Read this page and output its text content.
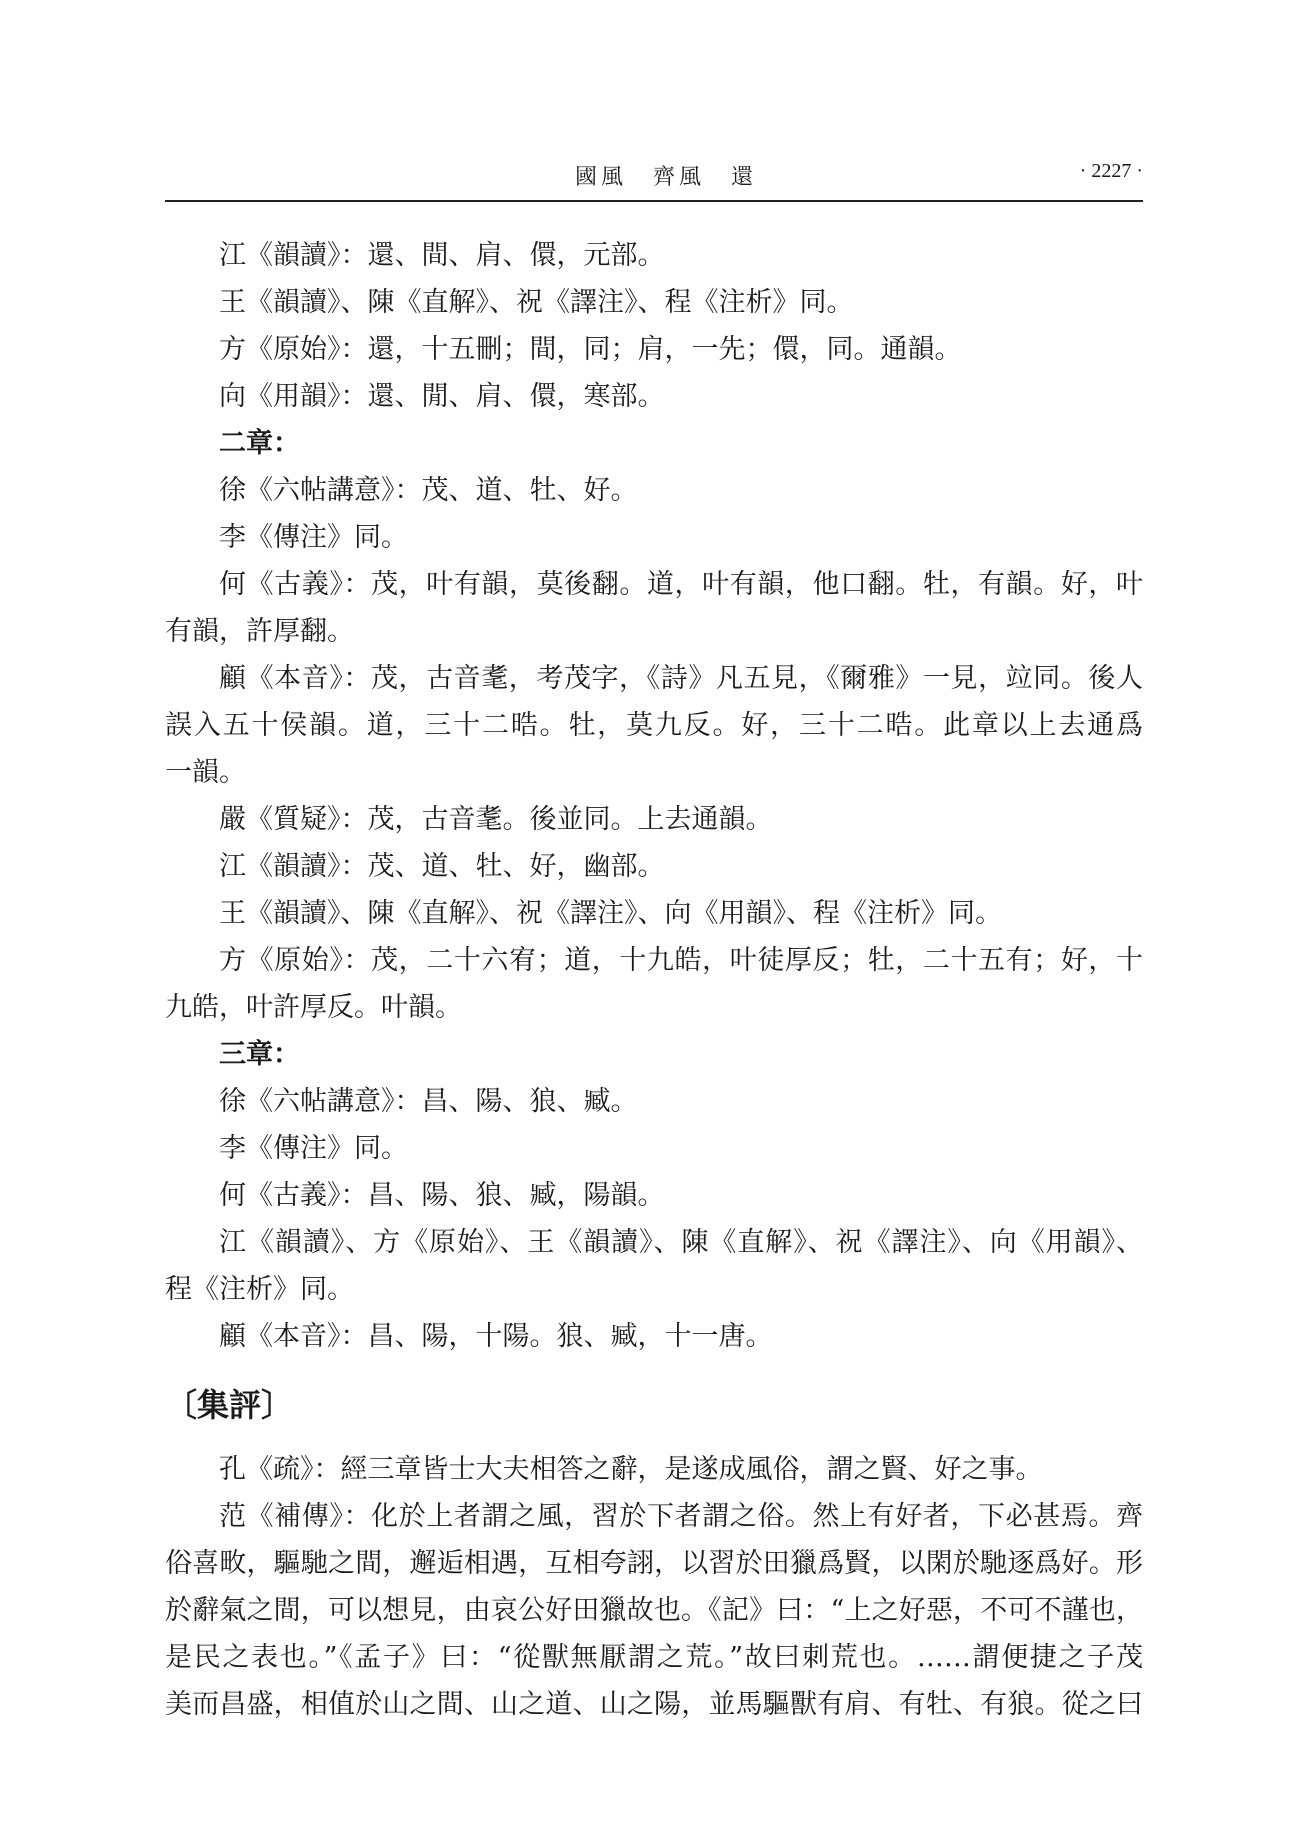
國風　齊風　還	· 2227 ·
江《韻讀》：還、間、肩、儇，元部。
王《韻讀》、陳《直解》、祝《譯注》、程《注析》同。
方《原始》：還，十五刪；間，同；肩，一先；儇，同。通韻。
向《用韻》：還、閒、肩、儇，寒部。
二章：
徐《六帖講意》：茂、道、牡、好。
李《傳注》同。
何《古義》：茂，叶有韻，莫後翻。道，叶有韻，他口翻。牡，有韻。好，叶
有韻，許厚翻。
顧《本音》：茂，古音耄，考茂字，《詩》凡五見，《爾雅》一見，竝同。後人
誤入五十侯韻。道，三十二晧。牡，莫九反。好，三十二晧。此章以上去通爲
一韻。
嚴《質疑》：茂，古音耄。後並同。上去通韻。
江《韻讀》：茂、道、牡、好，幽部。
王《韻讀》、陳《直解》、祝《譯注》、向《用韻》、程《注析》同。
方《原始》：茂，二十六宥；道，十九皓，叶徒厚反；牡，二十五有；好，十
九皓，叶許厚反。叶韻。
三章：
徐《六帖講意》：昌、陽、狼、臧。
李《傳注》同。
何《古義》：昌、陽、狼、臧，陽韻。
江《韻讀》、方《原始》、王《韻讀》、陳《直解》、祝《譯注》、向《用韻》、
程《注析》同。
顧《本音》：昌、陽，十陽。狼、臧，十一唐。
〔集評〕
孔《疏》：經三章皆士大夫相答之辭，是遂成風俗，謂之賢、好之事。
范《補傳》：化於上者謂之風，習於下者謂之俗。然上有好者，下必甚焉。齊
俗喜畋，驅馳之間，邂逅相遇，互相夸詡，以習於田獵爲賢，以閑於馳逐爲好。形
於辭氣之間，可以想見，由哀公好田獵故也。《記》曰：“上之好惡，不可不謹也，
是民之表也。”《孟子》曰：“從獸無厭謂之荒。”故曰刺荒也。……謂便捷之子茂
美而昌盛，相值於山之間、山之道、山之陽，並馬驅獸有肩、有牡、有狼。從之曰
